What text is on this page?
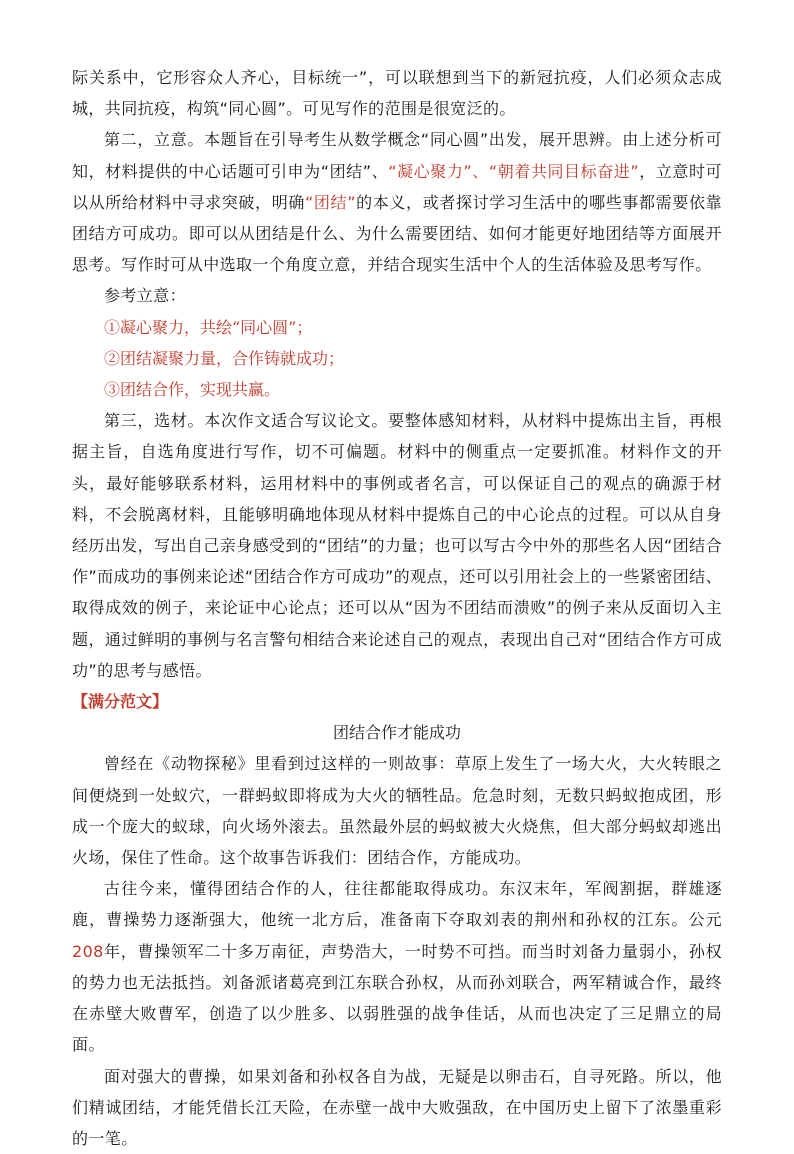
际关系中，它形容众人齐心，目标统一”，可以联想到当下的新冠抗疫，人们必须众志成城，共同抗疫，构筑“同心圆”。可见写作的范围是很宽泛的。

第二，立意。本题旨在引导考生从数学概念“同心圆”出发，展开思辨。由上述分析可知，材料提供的中心话题可引申为“团结”、“凝心聚力”、“朝着共同目标奋进”，立意时可以从所给材料中寻求突破，明确“团结”的本义，或者探讨学习生活中的哪些事都需要依靠团结方可成功。即可以从团结是什么、为什么需要团结、如何才能更好地团结等方面展开思考。写作时可从中选取一个角度立意，并结合现实生活中个人的生活体验及思考写作。

参考立意：

①凝心聚力，共绘“同心圆”；

②团结凝聚力量，合作铸就成功；

③团结合作，实现共赢。

第三，选材。本次作文适合写议论文。要整体感知材料，从材料中提炼出主旨，再根据主旨，自选角度进行写作，切不可偏题。材料中的侧重点一定要抓准。材料作文的开头，最好能够联系材料，运用材料中的事例或者名言，可以保证自己的观点的确源于材料，不会脱离材料，且能够明确地体现从材料中提炼自己的中心论点的过程。可以从自身经历出发，写出自己亲身感受到的“团结”的力量；也可以写古今中外的那些名人因“团结合作”而成功的事例来论述“团结合作方可成功”的观点，还可以引用社会上的一些紧密团结、取得成效的例子，来论证中心论点；还可以从“因为不团结而溃败”的例子来从反面切入主题，通过鲜明的事例与名言警句相结合来论述自己的观点，表现出自己对“团结合作方可成功”的思考与感悟。

【满分范文】

团结合作才能成功

曾经在《动物探秘》里看到过这样的一则故事：草原上发生了一场大火，大火转眼之间便烧到一处蚁穴，一群蚂蚁即将成为大火的牺牲品。危急时刻，无数只蚂蚁抱成团，形成一个庞大的蚁球，向火场外滚去。虽然最外层的蚂蚁被大火烧焦，但大部分蚂蚁却逃出火场，保住了性命。这个故事告诉我们：团结合作，方能成功。

古往今来，懂得团结合作的人，往往都能取得成功。东汉末年，军阀割据，群雄逐鹿，曹操势力逐渐强大，他统一北方后，准备南下夺取刘表的荆州和孙权的江东。公元208年，曹操领军二十多万南征，声势浩大，一时势不可挡。而当时刘备力量弱小，孙权的势力也无法抵挡。刘备派诸葛亮到江东联合孙权，从而孙刘联合，两军精诚合作，最终在赤壁大败曹军，创造了以少胜多、以弱胜强的战争佳话，从而也决定了三足鼎立的局面。

面对强大的曹操，如果刘备和孙权各自为战，无疑是以卵击石，自寻死路。所以，他们精诚团结，才能凭借长江天险，在赤壁一战中大败强敌，在中国历史上留下了浓墨重彩的一笔。
